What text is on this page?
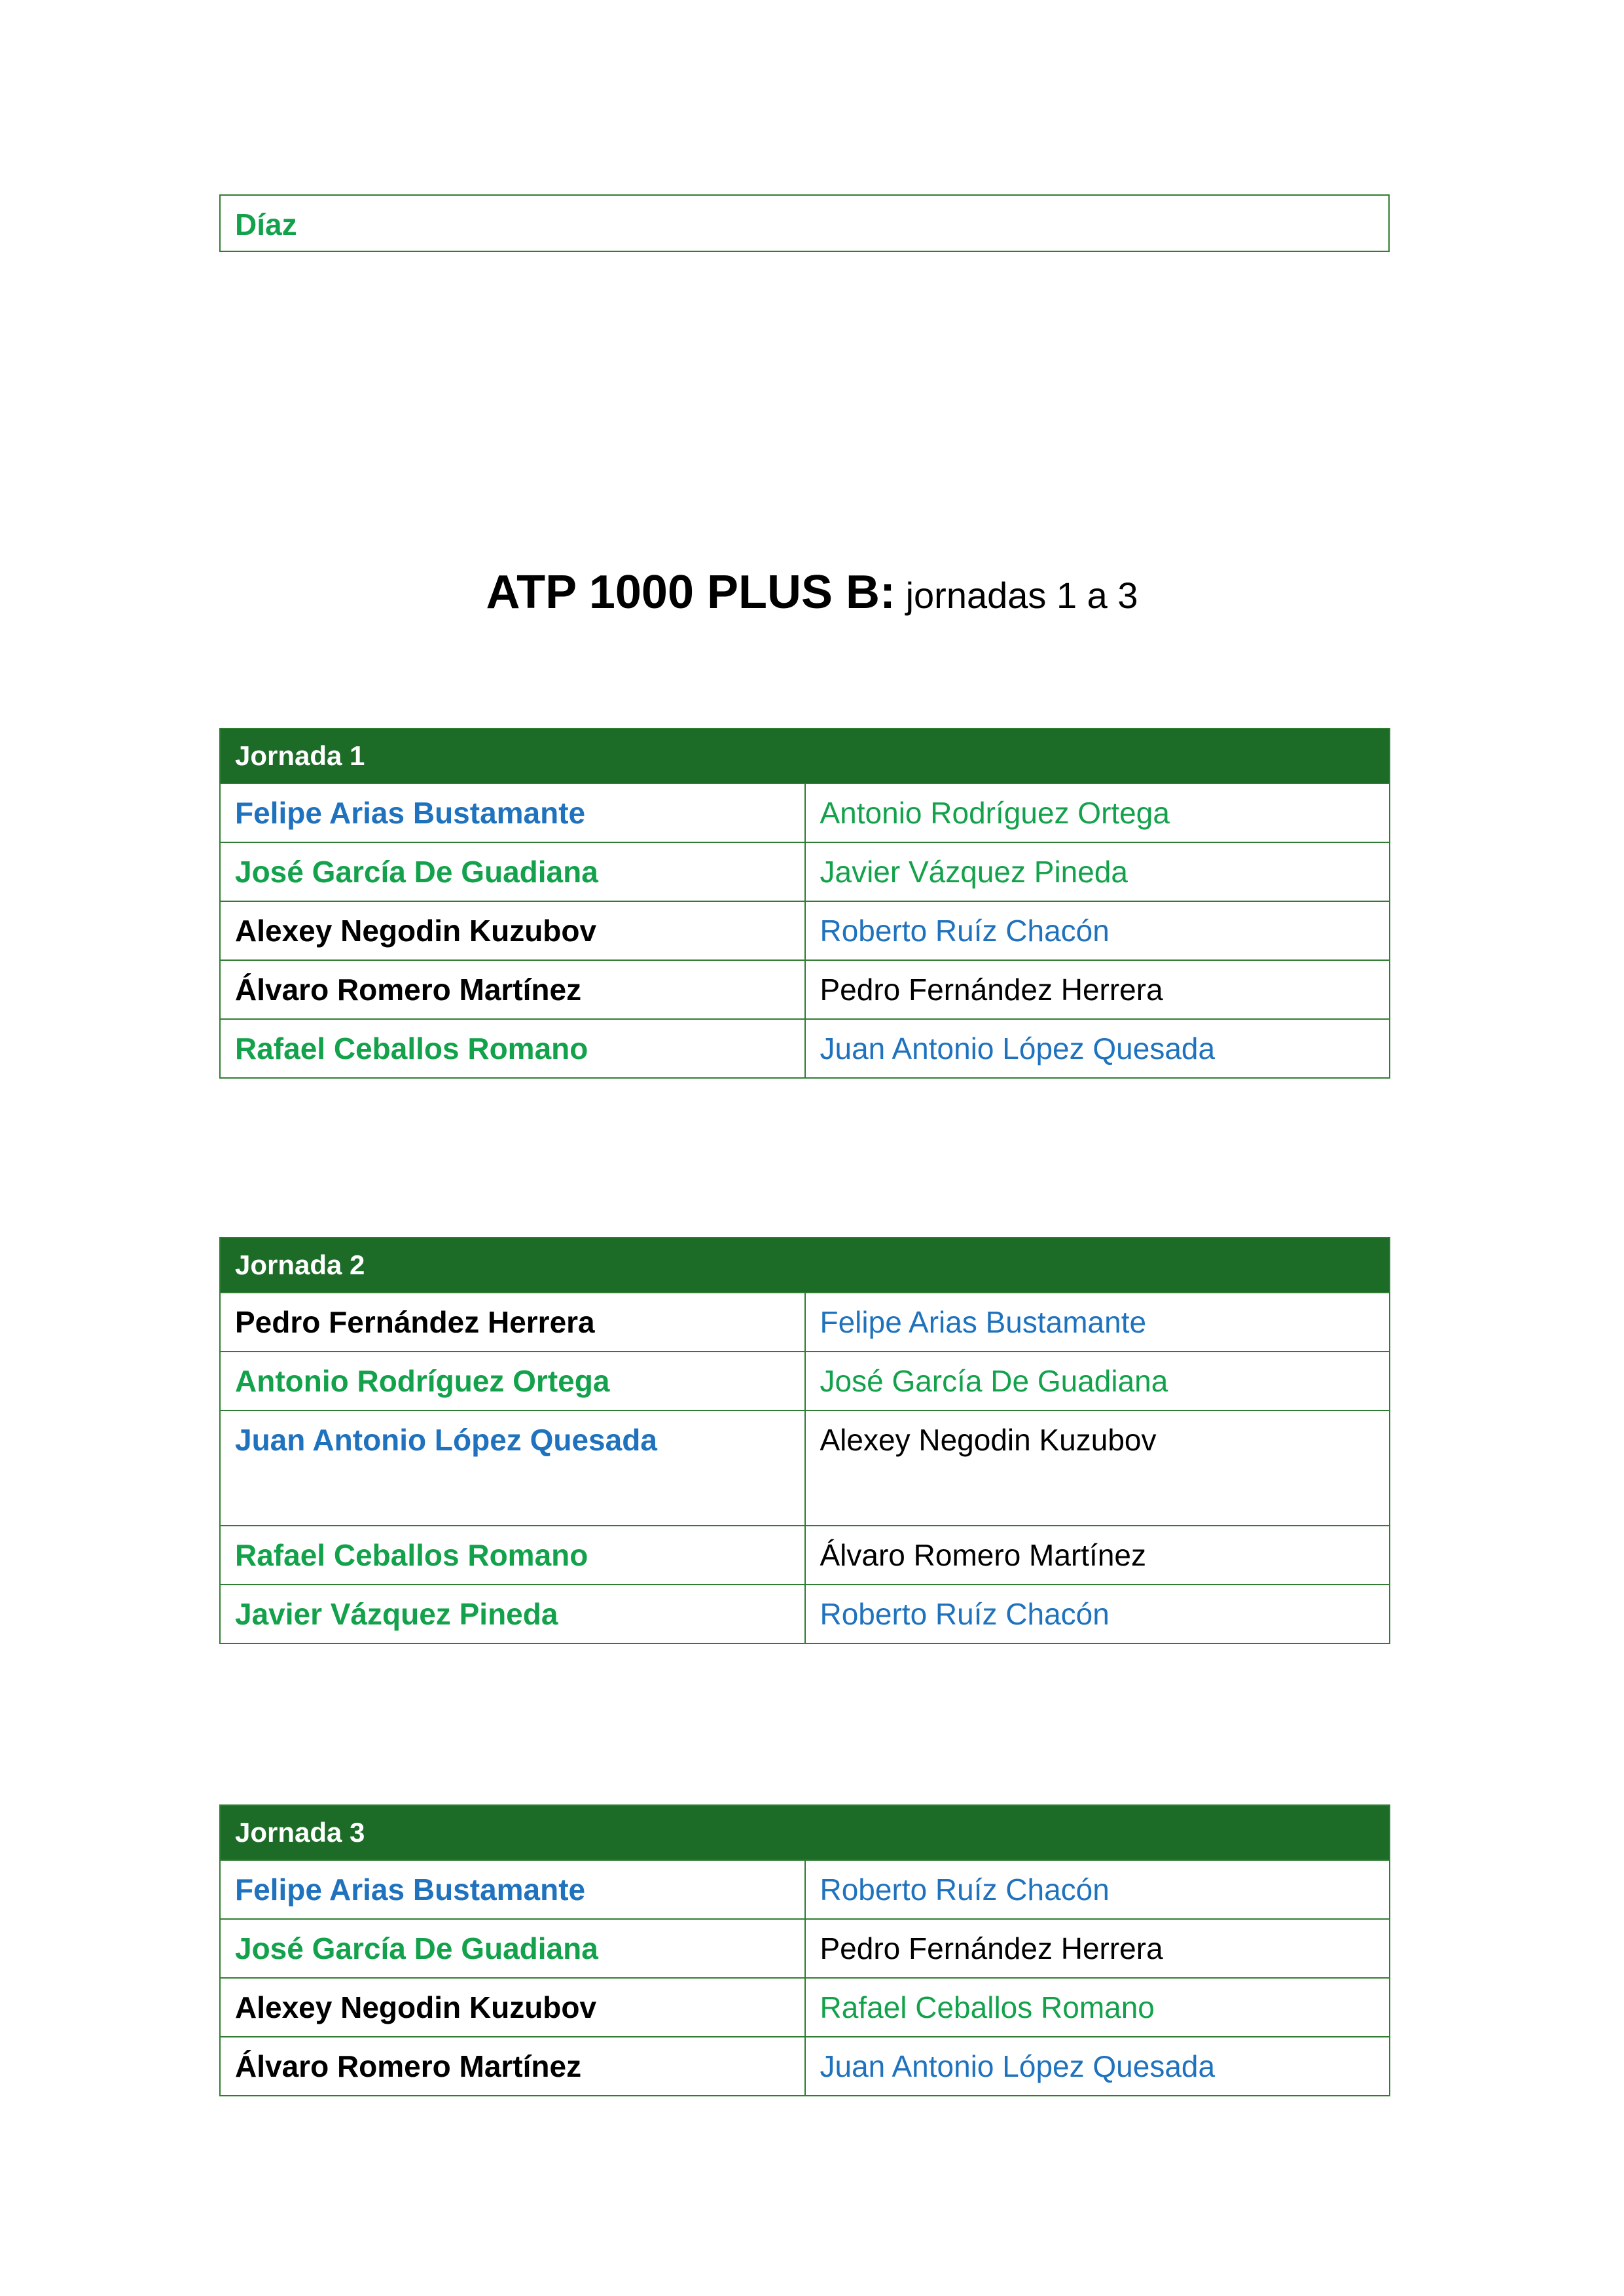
Díaz
ATP 1000 PLUS B: jornadas 1 a 3
Jornada 1	
Felipe Arias Bustamante	Antonio Rodríguez Ortega
José García De Guadiana	Javier Vázquez Pineda
Alexey Negodin Kuzubov	Roberto Ruíz Chacón
Álvaro Romero Martínez	Pedro Fernández Herrera
Rafael Ceballos Romano	Juan Antonio López Quesada
Jornada 2	
Pedro Fernández Herrera	Felipe Arias Bustamante
Antonio Rodríguez Ortega	José García De Guadiana
Juan Antonio López Quesada	Alexey Negodin Kuzubov
Rafael Ceballos Romano	Álvaro Romero Martínez
Javier Vázquez Pineda	Roberto Ruíz Chacón
Jornada 3	
Felipe Arias Bustamante	Roberto Ruíz Chacón
José García De Guadiana	Pedro Fernández Herrera
Alexey Negodin Kuzubov	Rafael Ceballos Romano
Álvaro Romero Martínez	Juan Antonio López Quesada
